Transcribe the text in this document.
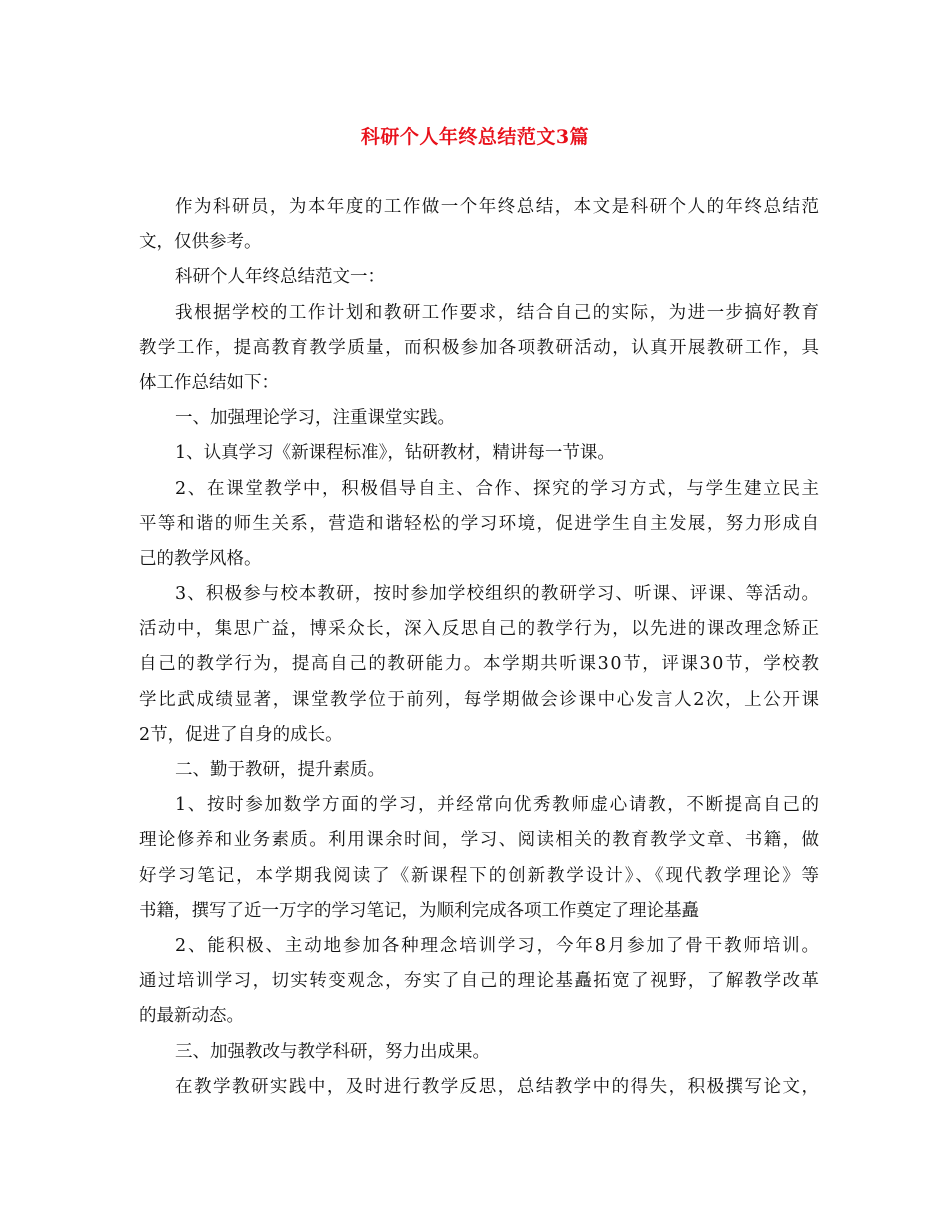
科研个人年终总结范文3篇
作为科研员，为本年度的工作做一个年终总结，本文是科研个人的年终总结范
文，仅供参考。
科研个人年终总结范文一：
我根据学校的工作计划和教研工作要求，结合自己的实际，为进一步搞好教育
教学工作，提高教育教学质量，而积极参加各项教研活动，认真开展教研工作，具
体工作总结如下：
一、加强理论学习，注重课堂实践。
1、认真学习《新课程标准》，钻研教材，精讲每一节课。
2、在课堂教学中，积极倡导自主、合作、探究的学习方式，与学生建立民主
平等和谐的师生关系，营造和谐轻松的学习环境，促进学生自主发展，努力形成自
己的教学风格。
3、积极参与校本教研，按时参加学校组织的教研学习、听课、评课、等活动。
活动中，集思广益，博采众长，深入反思自己的教学行为，以先进的课改理念矫正
自己的教学行为，提高自己的教研能力。本学期共听课30节，评课30节，学校教
学比武成绩显著，课堂教学位于前列，每学期做会诊课中心发言人2次，上公开课
2节，促进了自身的成长。
二、勤于教研，提升素质。
1、按时参加数学方面的学习，并经常向优秀教师虚心请教，不断提高自己的
理论修养和业务素质。利用课余时间，学习、阅读相关的教育教学文章、书籍，做
好学习笔记，本学期我阅读了《新课程下的创新教学设计》、《现代教学理论》等
书籍，撰写了近一万字的学习笔记，为顺利完成各项工作奠定了理论基矗
2、能积极、主动地参加各种理念培训学习，今年8月参加了骨干教师培训。
通过培训学习，切实转变观念，夯实了自己的理论基矗拓宽了视野，了解教学改革
的最新动态。
三、加强教改与教学科研，努力出成果。
在教学教研实践中，及时进行教学反思，总结教学中的得失，积极撰写论文，
